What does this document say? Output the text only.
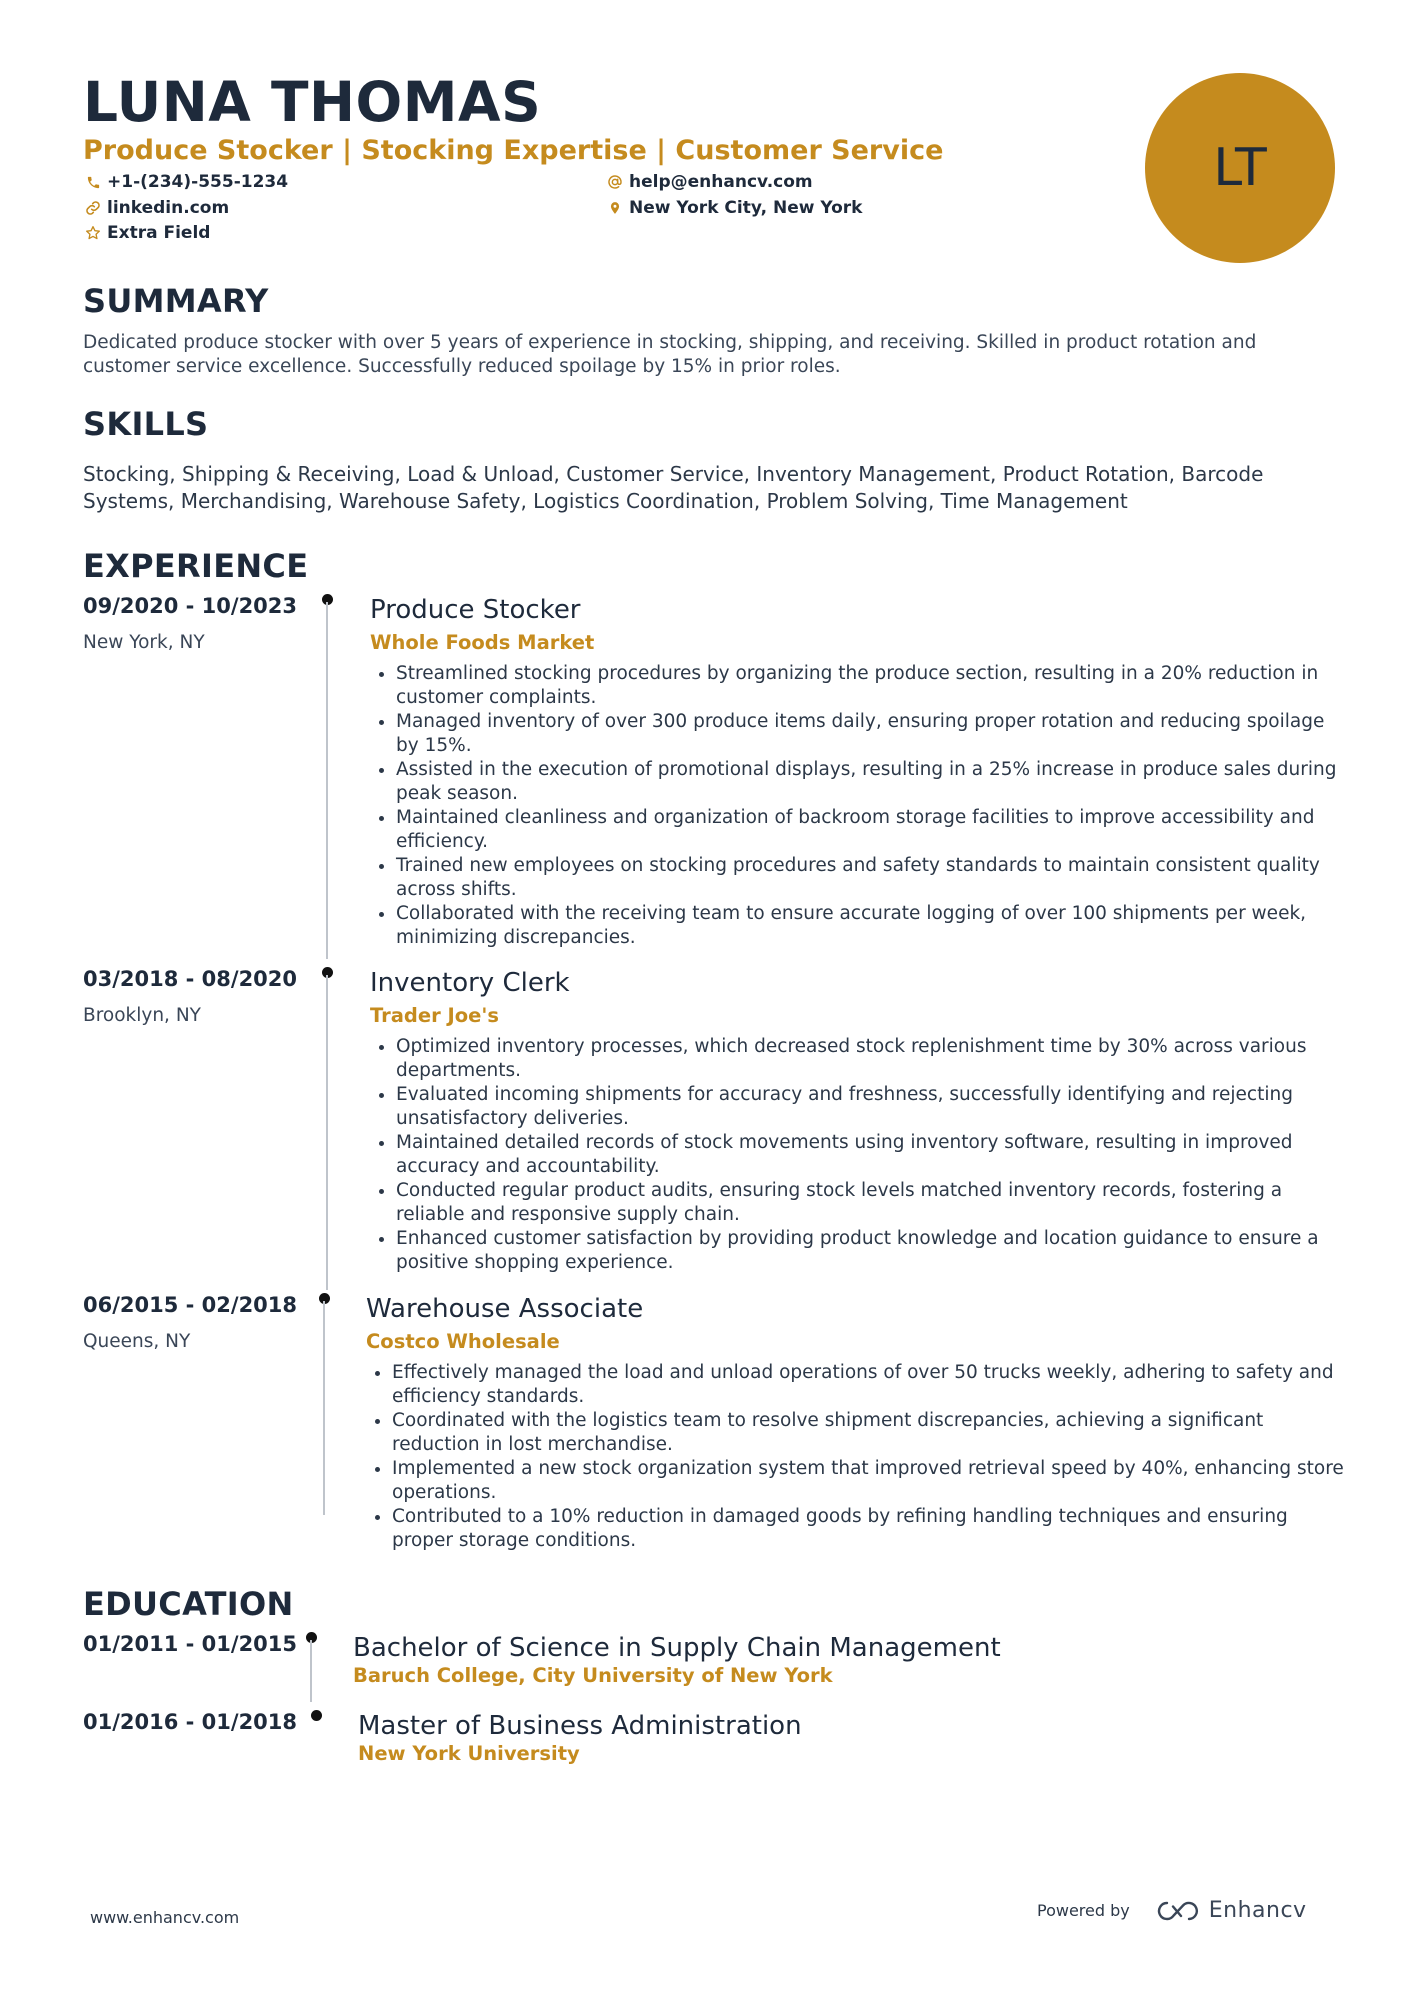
LUNA THOMAS
Produce Stocker | Stocking Expertise | Customer Service
+1-(234)-555-1234	help@enhancv.com
linkedin.com	New York City, New York
Extra Field
LT
SUMMARY
Dedicated produce stocker with over 5 years of experience in stocking, shipping, and receiving. Skilled in product rotation and customer service excellence. Successfully reduced spoilage by 15% in prior roles.
SKILLS
Stocking, Shipping & Receiving, Load & Unload, Customer Service, Inventory Management, Product Rotation, Barcode Systems, Merchandising, Warehouse Safety, Logistics Coordination, Problem Solving, Time Management
EXPERIENCE
09/2020 - 10/2023
New York, NY
Produce Stocker
Whole Foods Market
Streamlined stocking procedures by organizing the produce section, resulting in a 20% reduction in customer complaints.
Managed inventory of over 300 produce items daily, ensuring proper rotation and reducing spoilage by 15%.
Assisted in the execution of promotional displays, resulting in a 25% increase in produce sales during peak season.
Maintained cleanliness and organization of backroom storage facilities to improve accessibility and efficiency.
Trained new employees on stocking procedures and safety standards to maintain consistent quality across shifts.
Collaborated with the receiving team to ensure accurate logging of over 100 shipments per week, minimizing discrepancies.
03/2018 - 08/2020
Brooklyn, NY
Inventory Clerk
Trader Joe's
Optimized inventory processes, which decreased stock replenishment time by 30% across various departments.
Evaluated incoming shipments for accuracy and freshness, successfully identifying and rejecting unsatisfactory deliveries.
Maintained detailed records of stock movements using inventory software, resulting in improved accuracy and accountability.
Conducted regular product audits, ensuring stock levels matched inventory records, fostering a reliable and responsive supply chain.
Enhanced customer satisfaction by providing product knowledge and location guidance to ensure a positive shopping experience.
06/2015 - 02/2018
Queens, NY
Warehouse Associate
Costco Wholesale
Effectively managed the load and unload operations of over 50 trucks weekly, adhering to safety and efficiency standards.
Coordinated with the logistics team to resolve shipment discrepancies, achieving a significant reduction in lost merchandise.
Implemented a new stock organization system that improved retrieval speed by 40%, enhancing store operations.
Contributed to a 10% reduction in damaged goods by refining handling techniques and ensuring proper storage conditions.
EDUCATION
01/2011 - 01/2015 Bachelor of Science in Supply Chain Management
Baruch College, City University of New York
01/2016 - 01/2018 Master of Business Administration
New York University
www.enhancv.com	Powered by	Enhancv
